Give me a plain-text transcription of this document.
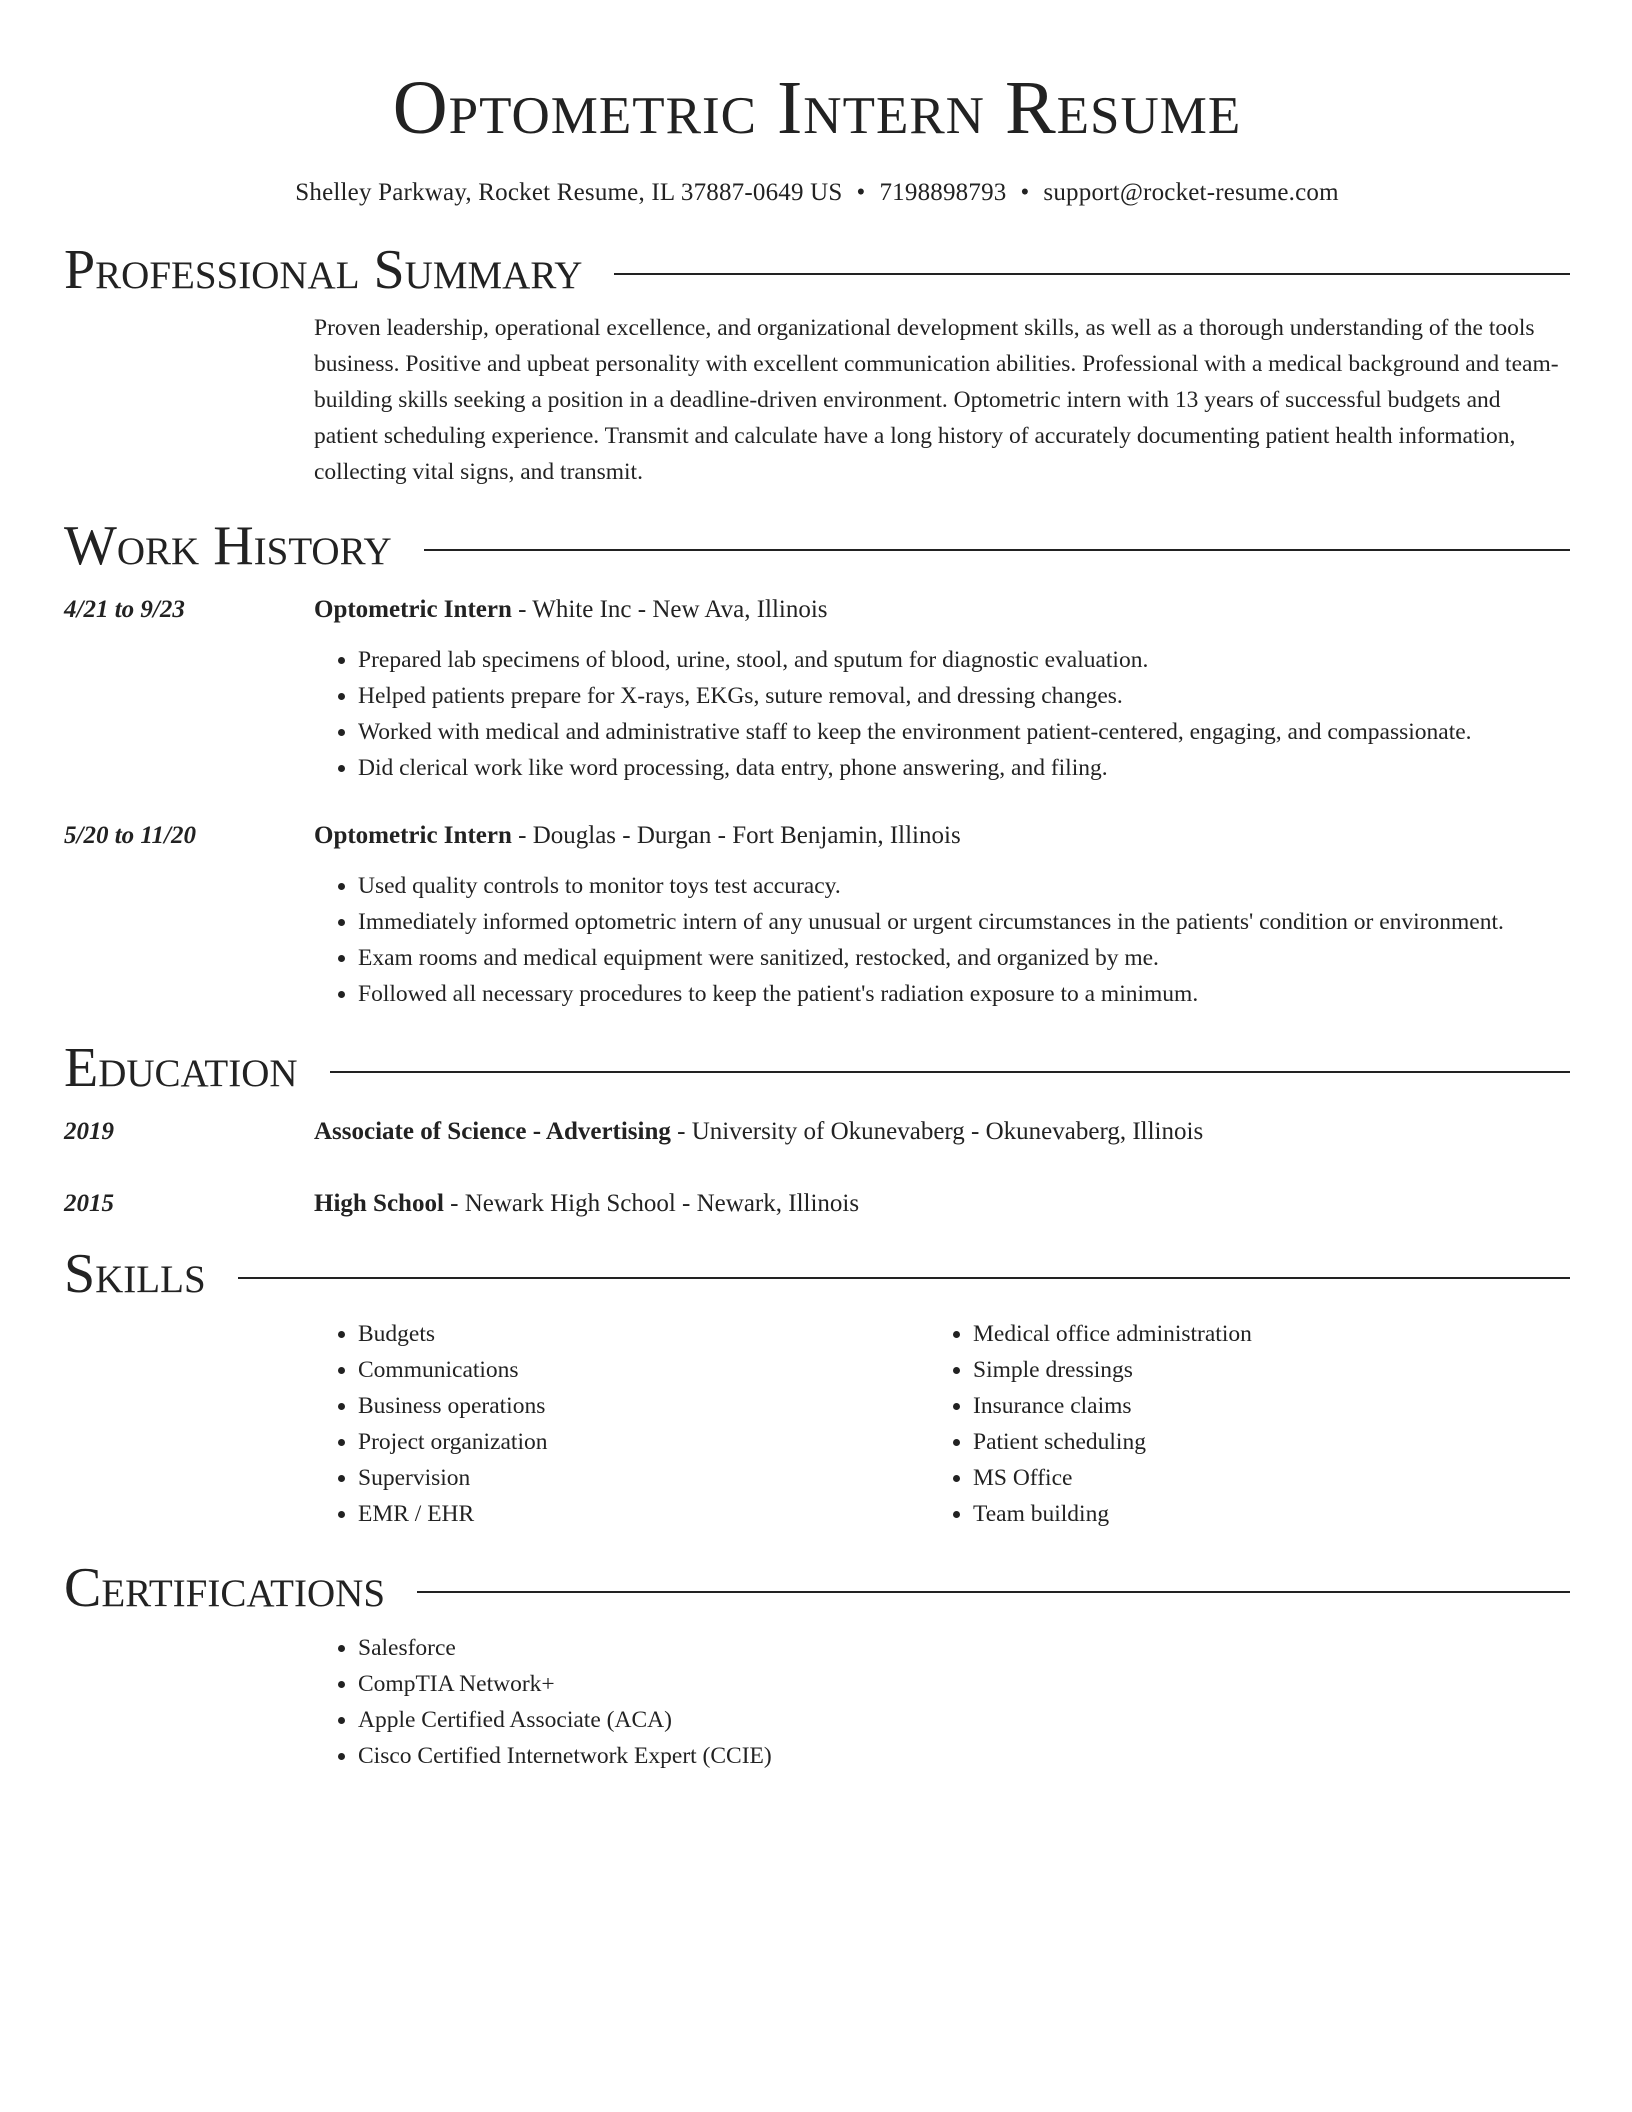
Optometric Intern Resume
Shelley Parkway, Rocket Resume, IL 37887-0649 US • 7198898793 • support@rocket-resume.com
Professional Summary
Proven leadership, operational excellence, and organizational development skills, as well as a thorough understanding of the tools business. Positive and upbeat personality with excellent communication abilities. Professional with a medical background and team-building skills seeking a position in a deadline-driven environment. Optometric intern with 13 years of successful budgets and patient scheduling experience. Transmit and calculate have a long history of accurately documenting patient health information, collecting vital signs, and transmit.
Work History
4/21 to 9/23	Optometric Intern - White Inc - New Ava, Illinois
• Prepared lab specimens of blood, urine, stool, and sputum for diagnostic evaluation.
• Helped patients prepare for X-rays, EKGs, suture removal, and dressing changes.
• Worked with medical and administrative staff to keep the environment patient-centered, engaging, and compassionate.
• Did clerical work like word processing, data entry, phone answering, and filing.
5/20 to 11/20	Optometric Intern - Douglas - Durgan - Fort Benjamin, Illinois
• Used quality controls to monitor toys test accuracy.
• Immediately informed optometric intern of any unusual or urgent circumstances in the patients' condition or environment.
• Exam rooms and medical equipment were sanitized, restocked, and organized by me.
• Followed all necessary procedures to keep the patient's radiation exposure to a minimum.
Education
2019	Associate of Science - Advertising - University of Okunevaberg - Okunevaberg, Illinois
2015	High School - Newark High School - Newark, Illinois
Skills
• Budgets
• Communications
• Business operations
• Project organization
• Supervision
• EMR / EHR
• Medical office administration
• Simple dressings
• Insurance claims
• Patient scheduling
• MS Office
• Team building
Certifications
• Salesforce
• CompTIA Network+
• Apple Certified Associate (ACA)
• Cisco Certified Internetwork Expert (CCIE)
